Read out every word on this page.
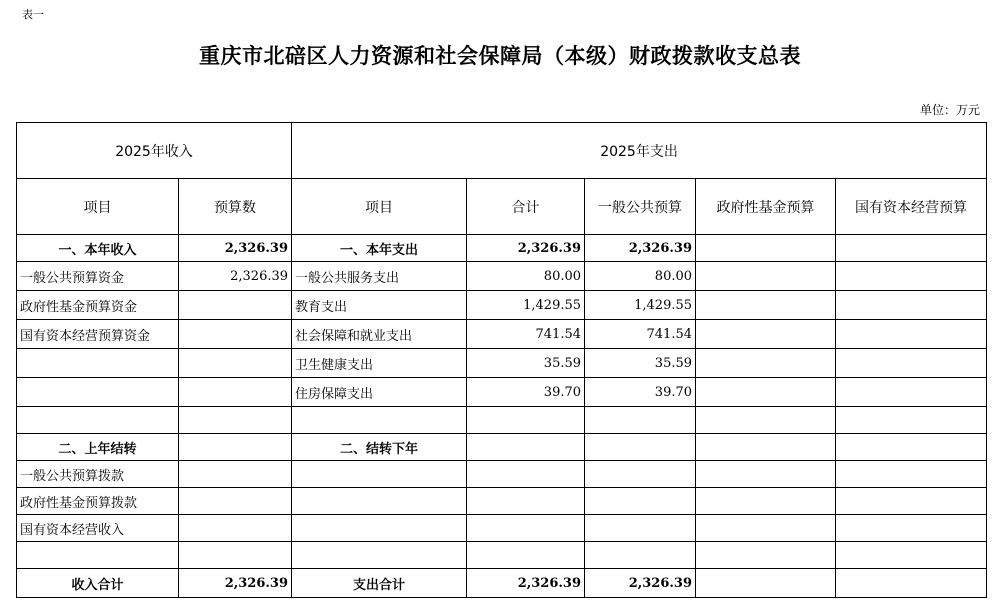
表一
重庆市北碚区人力资源和社会保障局（本级）财政拨款收支总表
单位：万元
2025年收入		2025年支出				
项目	预算数	项目	合计	一般公共预算	政府性基金预算	国有资本经营预算
一、本年收入	2,326.39	一、本年支出	2,326.39	2,326.39		
一般公共预算资金	2,326.39	一般公共服务支出	80.00	80.00		
政府性基金预算资金		教育支出	1,429.55	1,429.55		
国有资本经营预算资金		社会保障和就业支出	741.54	741.54		
		卫生健康支出	35.59	35.59		
		住房保障支出	39.70	39.70		

二、上年结转		二、结转下年				
一般公共预算拨款						
政府性基金预算拨款						
国有资本经营收入						

收入合计	2,326.39	支出合计	2,326.39	2,326.39		
